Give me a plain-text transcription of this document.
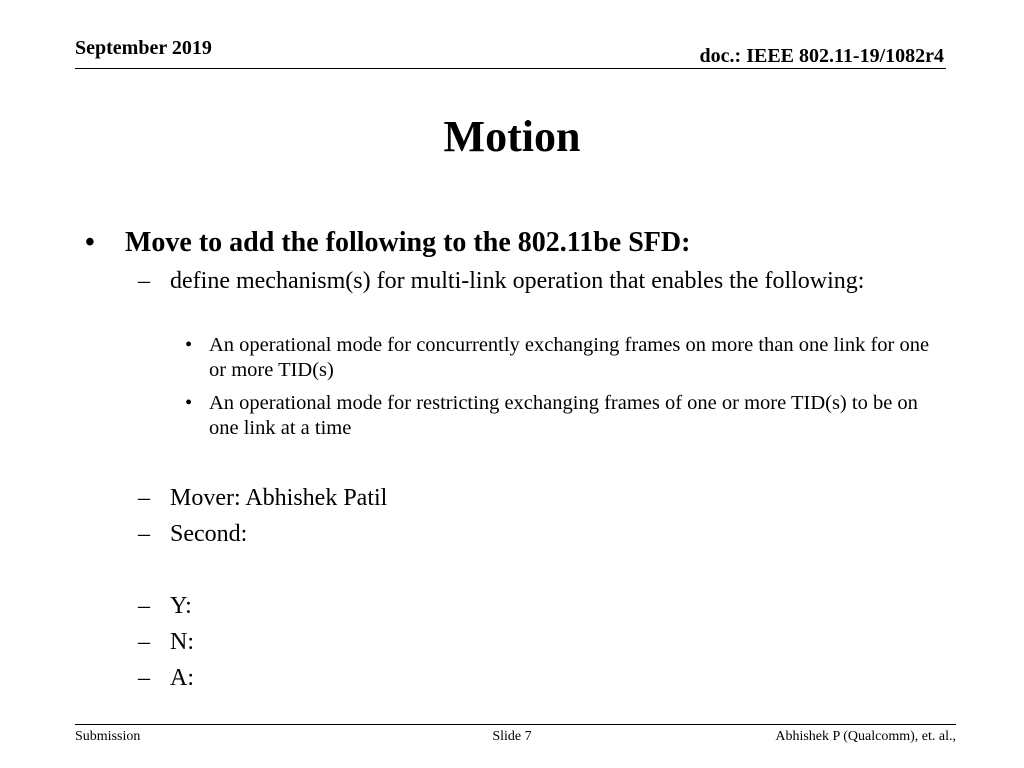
September 2019	doc.: IEEE 802.11-19/1082r4
Motion
• Move to add the following to the 802.11be SFD:
– define mechanism(s) for multi-link operation that enables the following:
• An operational mode for concurrently exchanging frames on more than one link for one or more TID(s)
• An operational mode for restricting exchanging frames of one or more TID(s) to be on one link at a time
– Mover: Abhishek Patil
– Second:
– Y:
– N:
– A:
Submission	Slide 7	Abhishek P (Qualcomm), et. al.,
